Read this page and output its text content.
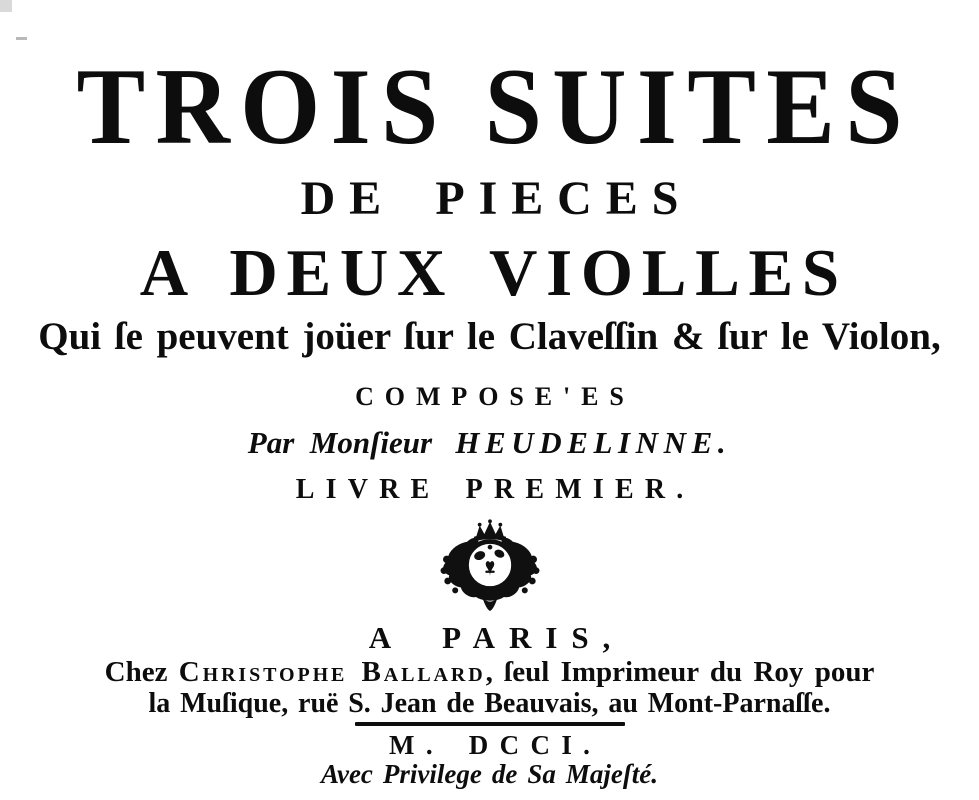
TROIS SUITES
DE PIECES
A DEUX VIOLLES
Qui ſe peuvent joüer ſur le Claveſſin & ſur le Violon,
COMPOSE'ES
Par Monſieur HEUDELINNE.
LIVRE PREMIER.
A PARIS,
Chez Christophe Ballard, ſeul Imprimeur du Roy pour
la Muſique, ruë S. Jean de Beauvais, au Mont-Parnaſſe.
M. DCCI.
Avec Privilege de Sa Majeſté.
